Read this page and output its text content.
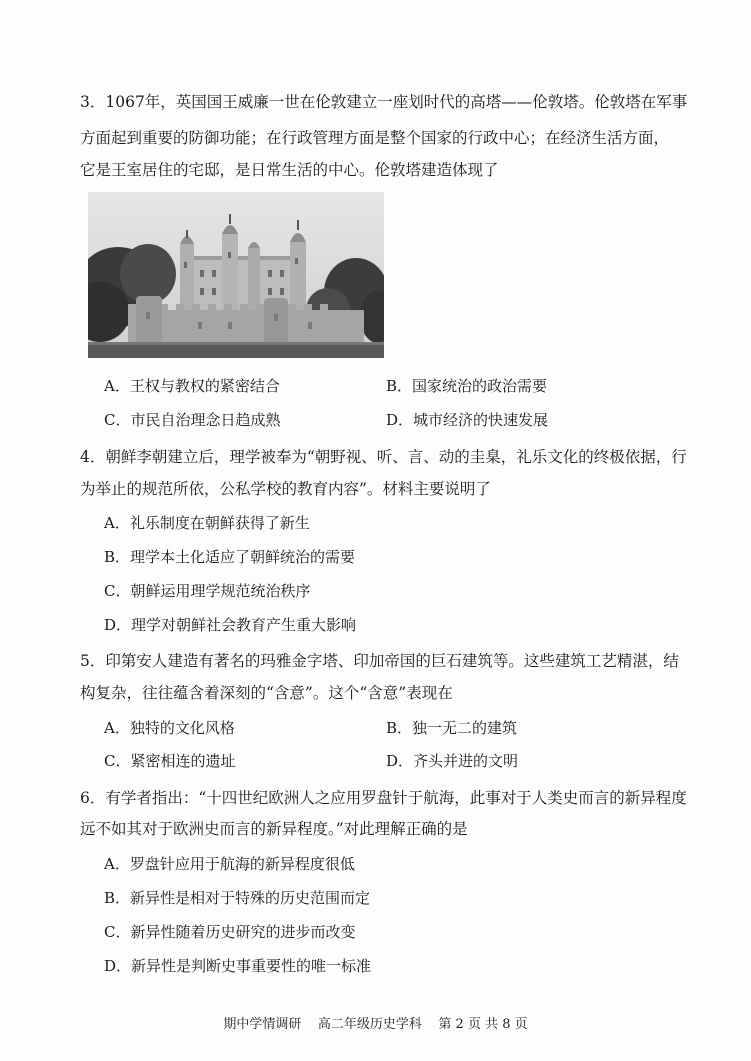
3．1067年，英国国王威廉一世在伦敦建立一座划时代的高塔——伦敦塔。伦敦塔在军事
方面起到重要的防御功能；在行政管理方面是整个国家的行政中心；在经济生活方面，
它是王室居住的宅邸，是日常生活的中心。伦敦塔建造体现了
A．王权与教权的紧密结合	B．国家统治的政治需要
C．市民自治理念日趋成熟	D．城市经济的快速发展
4．朝鲜李朝建立后，理学被奉为“朝野视、听、言、动的圭臬，礼乐文化的终极依据，行
为举止的规范所依，公私学校的教育内容”。材料主要说明了
A．礼乐制度在朝鲜获得了新生
B．理学本土化适应了朝鲜统治的需要
C．朝鲜运用理学规范统治秩序
D．理学对朝鲜社会教育产生重大影响
5．印第安人建造有著名的玛雅金字塔、印加帝国的巨石建筑等。这些建筑工艺精湛，结
构复杂，往往蕴含着深刻的“含意”。这个“含意”表现在
A．独特的文化风格	B．独一无二的建筑
C．紧密相连的遗址	D．齐头并进的文明
6．有学者指出：“十四世纪欧洲人之应用罗盘针于航海，此事对于人类史而言的新异程度
远不如其对于欧洲史而言的新异程度。”对此理解正确的是
A．罗盘针应用于航海的新异程度很低
B．新异性是相对于特殊的历史范围而定
C．新异性随着历史研究的进步而改变
D．新异性是判断史事重要性的唯一标准
期中学情调研    高二年级历史学科    第 2 页 共 8 页
